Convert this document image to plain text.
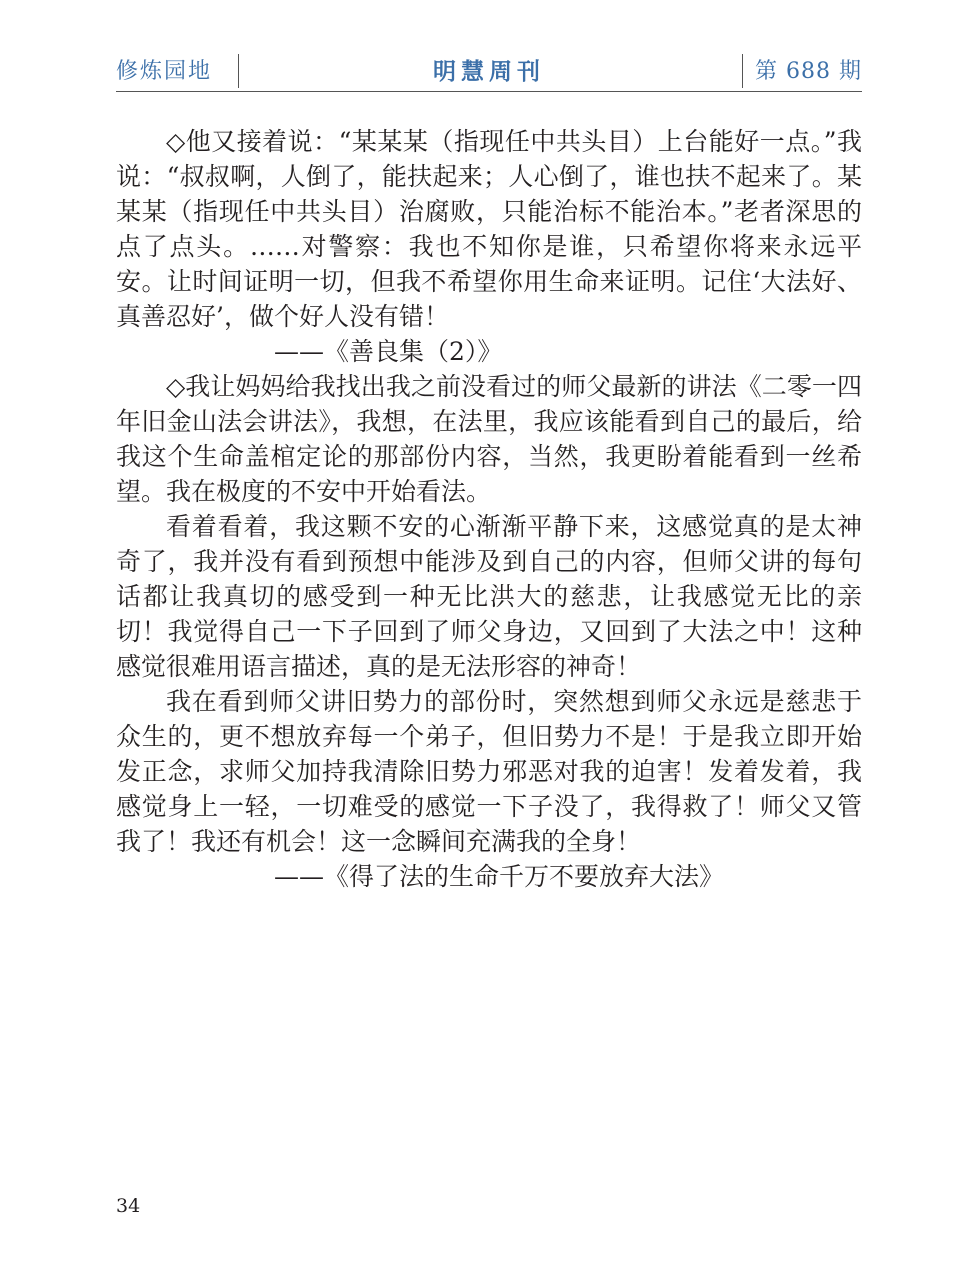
修炼园地	明慧周刊	第 688 期

◇他又接着说：“某某某（指现任中共头目）上台能好一点。”我说：“叔叔啊，人倒了，能扶起来；人心倒了，谁也扶不起来了。某某某（指现任中共头目）治腐败，只能治标不能治本。”老者深思的点了点头。……对警察：我也不知你是谁，只希望你将来永远平安。让时间证明一切，但我不希望你用生命来证明。记住‘大法好、真善忍好’，做个好人没有错！

——《善良集（2）》

◇我让妈妈给我找出我之前没看过的师父最新的讲法《二零一四年旧金山法会讲法》，我想，在法里，我应该能看到自己的最后，给我这个生命盖棺定论的那部份内容，当然，我更盼着能看到一丝希望。我在极度的不安中开始看法。

看着看着，我这颗不安的心渐渐平静下来，这感觉真的是太神奇了，我并没有看到预想中能涉及到自己的内容，但师父讲的每句话都让我真切的感受到一种无比洪大的慈悲，让我感觉无比的亲切！我觉得自己一下子回到了师父身边，又回到了大法之中！这种感觉很难用语言描述，真的是无法形容的神奇！

我在看到师父讲旧势力的部份时，突然想到师父永远是慈悲于众生的，更不想放弃每一个弟子，但旧势力不是！于是我立即开始发正念，求师父加持我清除旧势力邪恶对我的迫害！发着发着，我感觉身上一轻，一切难受的感觉一下子没了，我得救了！师父又管我了！我还有机会！这一念瞬间充满我的全身！

——《得了法的生命千万不要放弃大法》

34
